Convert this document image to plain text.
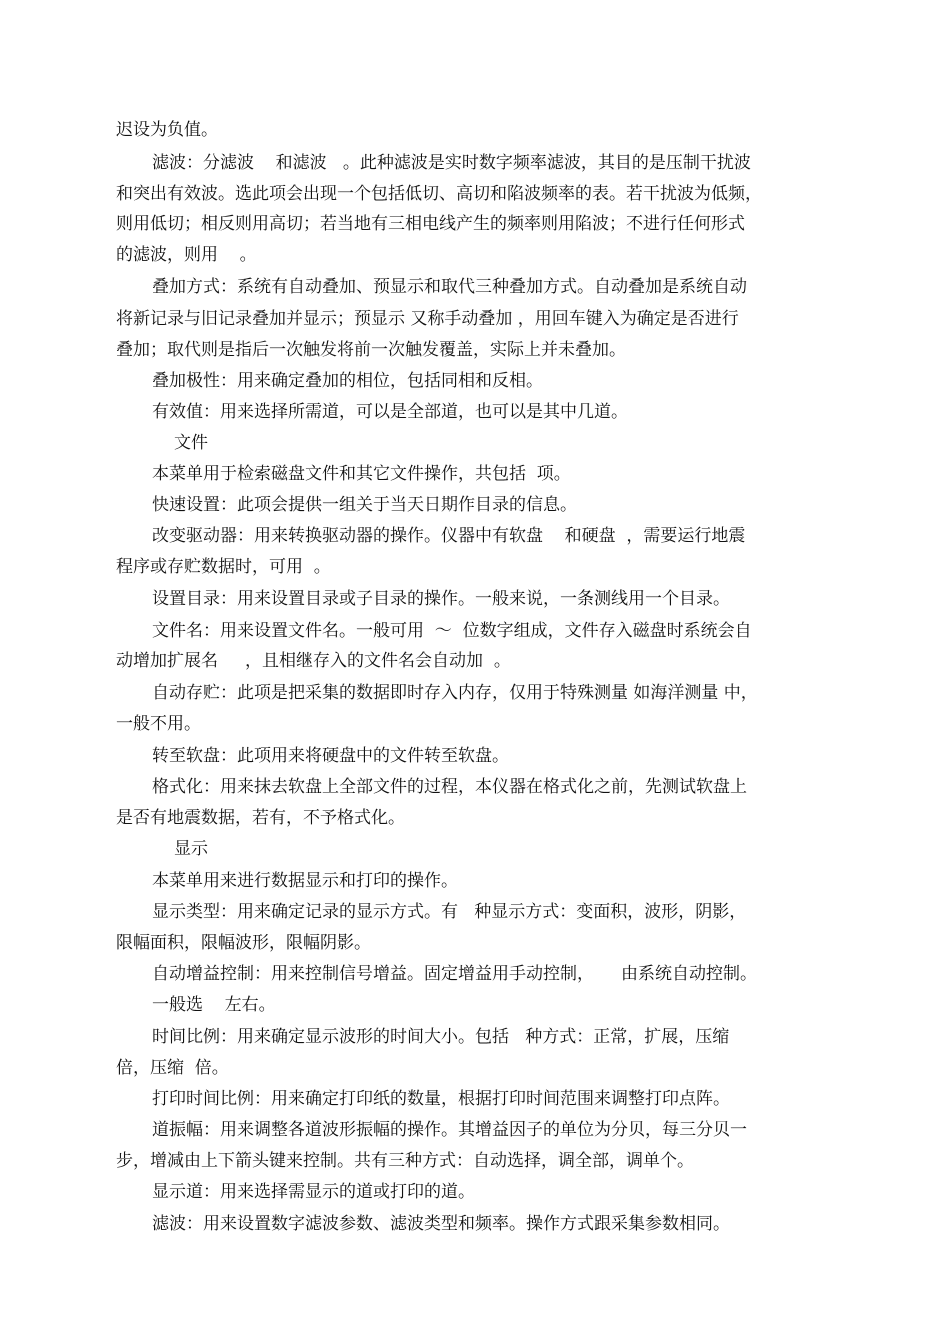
迟设为负值。
滤波：分滤波    和滤波   。此种滤波是实时数字频率滤波，其目的是压制干扰波
和突出有效波。选此项会出现一个包括低切、高切和陷波频率的表。若干扰波为低频，
则用低切；相反则用高切；若当地有三相电线产生的频率则用陷波；不进行任何形式
的滤波，则用    。
叠加方式：系统有自动叠加、预显示和取代三种叠加方式。自动叠加是系统自动
将新记录与旧记录叠加并显示；预显示 又称手动叠加 ，用回车键入为确定是否进行
叠加；取代则是指后一次触发将前一次触发覆盖，实际上并未叠加。
叠加极性：用来确定叠加的相位，包括同相和反相。
有效值：用来选择所需道，可以是全部道，也可以是其中几道。
文件
本菜单用于检索磁盘文件和其它文件操作，共包括  项。
快速设置：此项会提供一组关于当天日期作目录的信息。
改变驱动器：用来转换驱动器的操作。仪器中有软盘    和硬盘  ，需要运行地震
程序或存贮数据时，可用  。
设置目录：用来设置目录或子目录的操作。一般来说，一条测线用一个目录。
文件名：用来设置文件名。一般可用  ～  位数字组成，文件存入磁盘时系统会自
动增加扩展名     ，且相继存入的文件名会自动加  。
自动存贮：此项是把采集的数据即时存入内存，仅用于特殊测量 如海洋测量 中，
一般不用。
转至软盘：此项用来将硬盘中的文件转至软盘。
格式化：用来抹去软盘上全部文件的过程，本仪器在格式化之前，先测试软盘上
是否有地震数据，若有，不予格式化。
显示
本菜单用来进行数据显示和打印的操作。
显示类型：用来确定记录的显示方式。有   种显示方式：变面积，波形，阴影，
限幅面积，限幅波形，限幅阴影。
自动增益控制：用来控制信号增益。固定增益用手动控制，     由系统自动控制。
一般选    左右。
时间比例：用来确定显示波形的时间大小。包括   种方式：正常，扩展，压缩
倍，压缩  倍。
打印时间比例：用来确定打印纸的数量，根据打印时间范围来调整打印点阵。
道振幅：用来调整各道波形振幅的操作。其增益因子的单位为分贝，每三分贝一
步，增减由上下箭头键来控制。共有三种方式：自动选择，调全部，调单个。
显示道：用来选择需显示的道或打印的道。
滤波：用来设置数字滤波参数、滤波类型和频率。操作方式跟采集参数相同。
